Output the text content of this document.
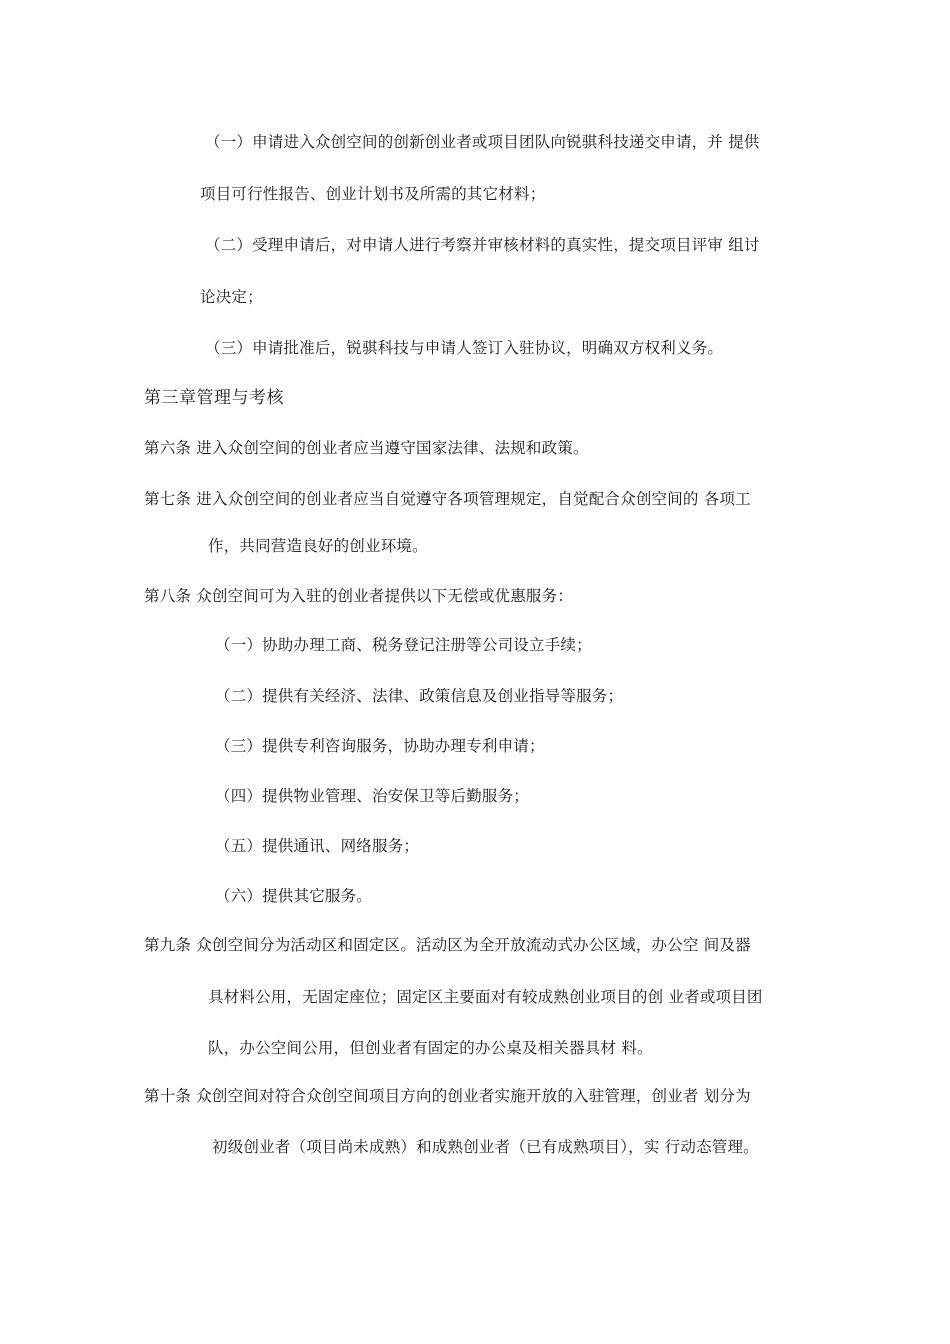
（一）申请进入众创空间的创新创业者或项目团队向锐骐科技递交申请，并 提供
项目可行性报告、创业计划书及所需的其它材料；
（二）受理申请后，对申请人进行考察并审核材料的真实性，提交项目评审 组讨
论决定；
（三）申请批准后，锐骐科技与申请人签订入驻协议，明确双方权利义务。
第三章管理与考核
第六条 进入众创空间的创业者应当遵守国家法律、法规和政策。
第七条 进入众创空间的创业者应当自觉遵守各项管理规定，自觉配合众创空间的 各项工
作，共同营造良好的创业环境。
第八条 众创空间可为入驻的创业者提供以下无偿或优惠服务：
（一）协助办理工商、税务登记注册等公司设立手续；
（二）提供有关经济、法律、政策信息及创业指导等服务；
（三）提供专利咨询服务，协助办理专利申请；
（四）提供物业管理、治安保卫等后勤服务；
（五）提供通讯、网络服务；
（六）提供其它服务。
第九条 众创空间分为活动区和固定区。活动区为全开放流动式办公区域，办公空 间及器
具材料公用，无固定座位；固定区主要面对有较成熟创业项目的创 业者或项目团
队，办公空间公用，但创业者有固定的办公桌及相关器具材 料。
第十条 众创空间对符合众创空间项目方向的创业者实施开放的入驻管理，创业者 划分为
初级创业者（项目尚未成熟）和成熟创业者（已有成熟项目），实 行动态管理。
